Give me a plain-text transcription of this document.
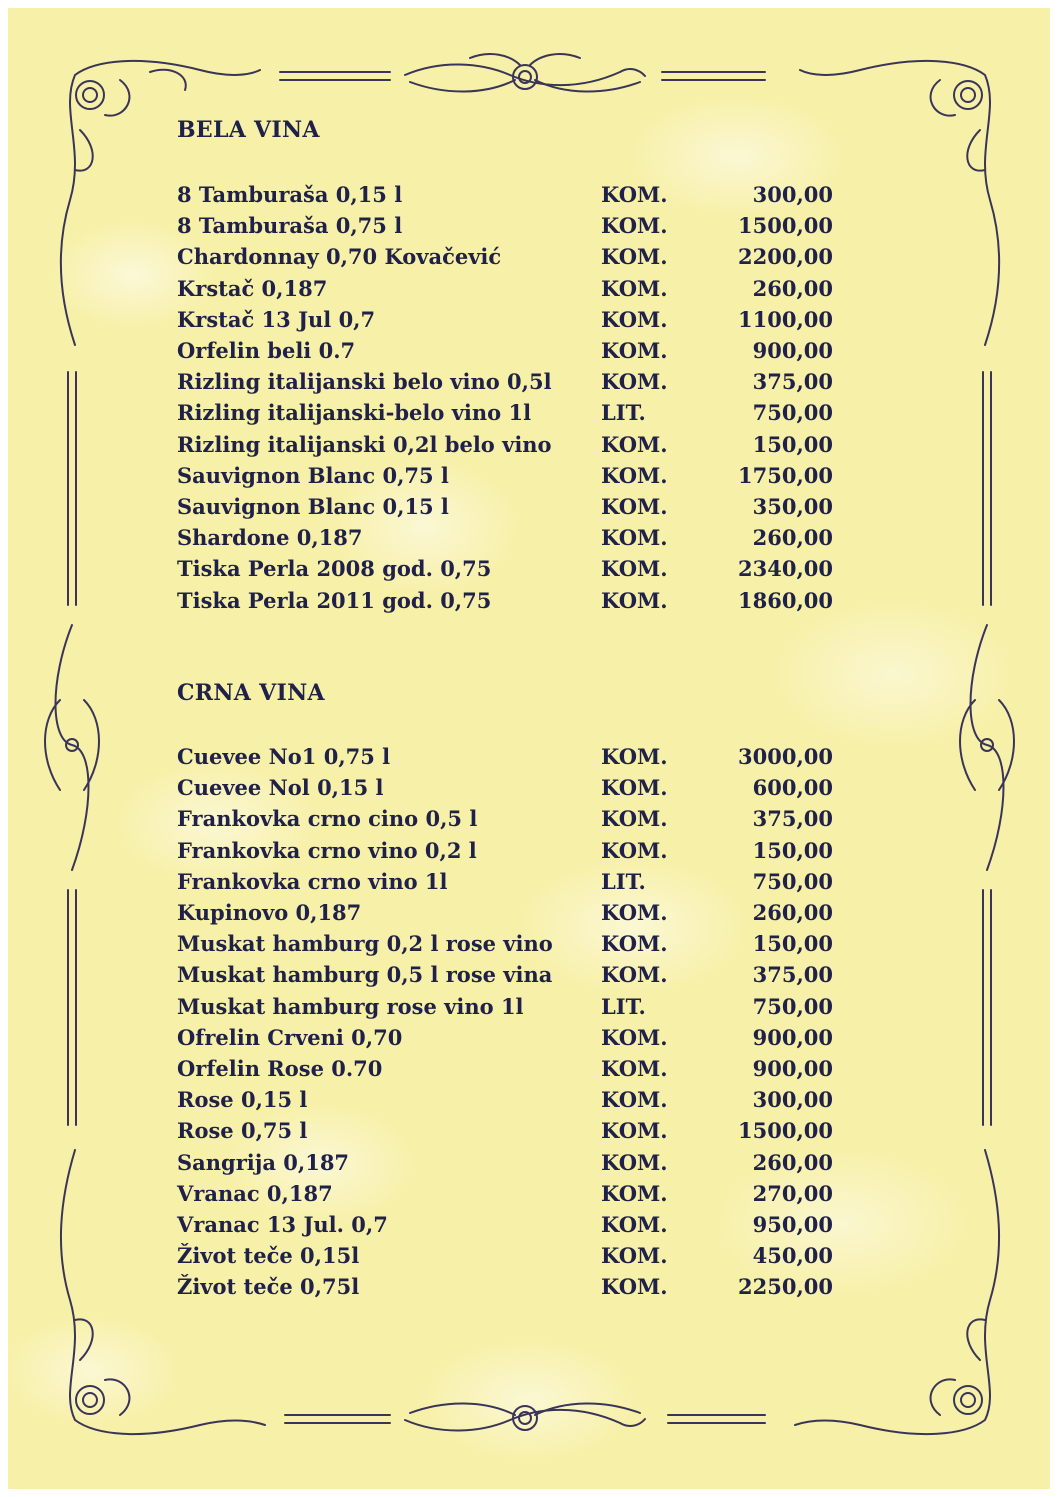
BELA VINA
8 Tamburaša 0,15 l	KOM.	300,00
8 Tamburaša 0,75 l	KOM.	1500,00
Chardonnay 0,70 Kovačević	KOM.	2200,00
Krstač 0,187	KOM.	260,00
Krstač 13 Jul 0,7	KOM.	1100,00
Orfelin beli 0.7	KOM.	900,00
Rizling italijanski belo vino 0,5l KOM.	375,00
Rizling italijanski-belo vino 1l	LIT.	750,00
Rizling italijanski 0,2l belo vino KOM.	150,00
Sauvignon Blanc 0,75 l	KOM.	1750,00
Sauvignon Blanc 0,15 l	KOM.	350,00
Shardone 0,187	KOM.	260,00
Tiska Perla 2008 god. 0,75	KOM.	2340,00
Tiska Perla 2011 god. 0,75	KOM.	1860,00
CRNA VINA
Cuevee No1 0,75 l	KOM.	3000,00
Cuevee Nol 0,15 l	KOM.	600,00
Frankovka crno cino 0,5 l	KOM.	375,00
Frankovka crno vino 0,2 l	KOM.	150,00
Frankovka crno vino 1l	LIT.	750,00
Kupinovo 0,187	KOM.	260,00
Muskat hamburg 0,2 l rose vino KOM.	150,00
Muskat hamburg 0,5 l rose vina KOM.	375,00
Muskat hamburg rose vino 1l	LIT.	750,00
Ofrelin Crveni 0,70	KOM.	900,00
Orfelin Rose 0.70	KOM.	900,00
Rose 0,15 l	KOM.	300,00
Rose 0,75 l	KOM.	1500,00
Sangrija 0,187	KOM.	260,00
Vranac 0,187	KOM.	270,00
Vranac 13 Jul. 0,7	KOM.	950,00
Život teče 0,15l	KOM.	450,00
Život teče 0,75l	KOM.	2250,00
